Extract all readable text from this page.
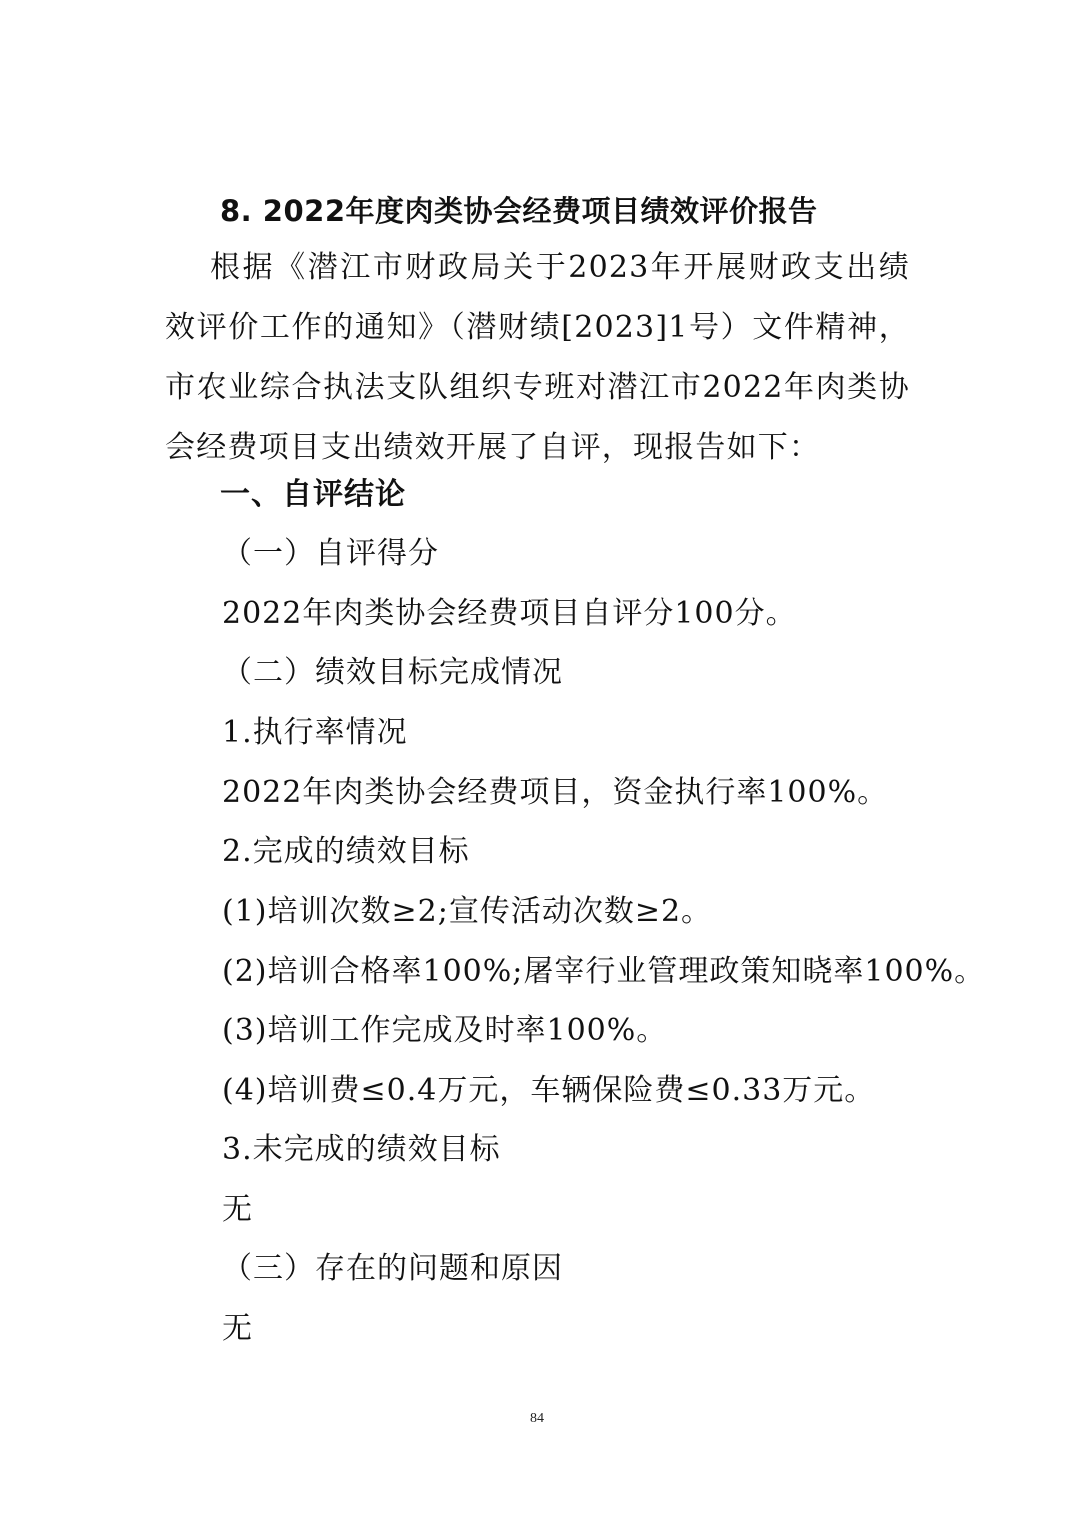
8. 2022年度肉类协会经费项目绩效评价报告
根据《潜江市财政局关于2023年开展财政支出绩效评价工作的通知》（潜财绩[2023]1号）文件精神，市农业综合执法支队组织专班对潜江市2022年肉类协会经费项目支出绩效开展了自评，现报告如下：
一、自评结论
（一）自评得分
2022年肉类协会经费项目自评分100分。
（二）绩效目标完成情况
1.执行率情况
2022年肉类协会经费项目，资金执行率100%。
2.完成的绩效目标
(1)培训次数≥2;宣传活动次数≥2。
(2)培训合格率100%;屠宰行业管理政策知晓率100%。
(3)培训工作完成及时率100%。
(4)培训费≤0.4万元，车辆保险费≤0.33万元。
3.未完成的绩效目标
无
（三）存在的问题和原因
无
84
